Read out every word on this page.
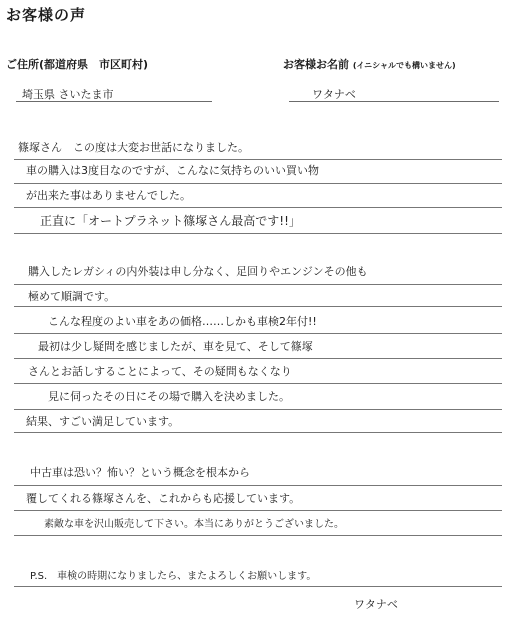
お客様の声
ご住所(都道府県　市区町村)	お客様お名前 (イニシャルでも構いません)
埼玉県 さいたま市	ワタナベ
篠塚さん　この度は大変お世話になりました。
車の購入は3度目なのですが、こんなに気持ちのいい買い物
が出来た事はありませんでした。
正直に「オートプラネット篠塚さん最高です!!」
購入したレガシィの内外装は申し分なく、足回りやエンジンその他も
極めて順調です。
こんな程度のよい車をあの価格……しかも車検2年付!!
最初は少し疑問を感じましたが、車を見て、そして篠塚
さんとお話しすることによって、その疑問もなくなり
見に伺ったその日にその場で購入を決めました。
結果、すごい満足しています。
中古車は恐い？怖い？という概念を根本から
覆してくれる篠塚さんを、これからも応援しています。
素敵な車を沢山販売して下さい。本当にありがとうございました。
P.S.　車検の時期になりましたら、またよろしくお願いします。
ワタナベ
